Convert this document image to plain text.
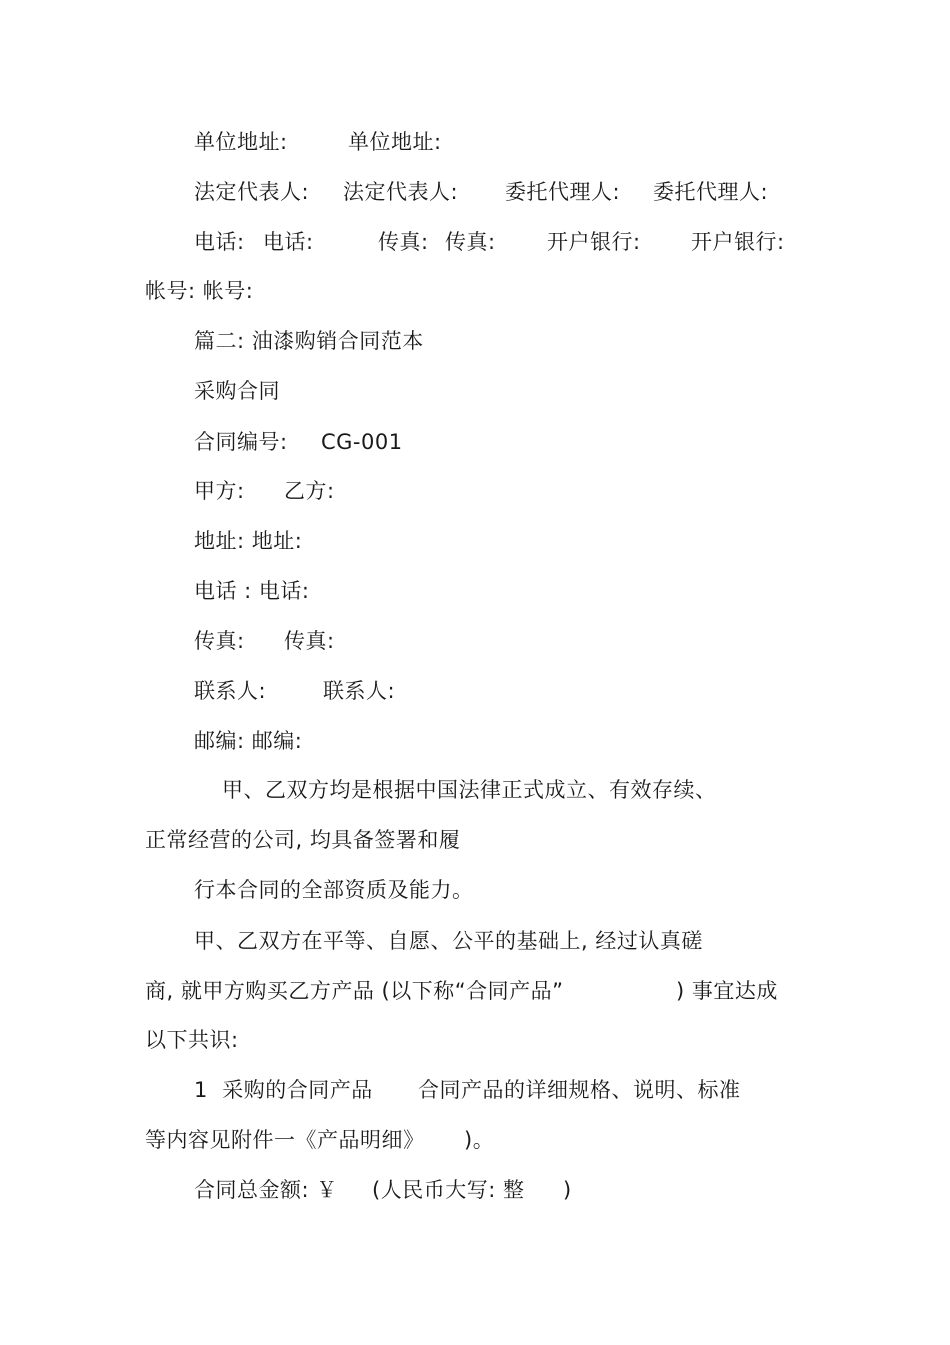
单位地址:	单位地址:
法定代表人: 法定代表人: 委托代理人: 委托代理人:
电话: 电话:	传真: 传真: 开户银行: 开户银行:
帐号: 帐号:
篇二: 油漆购销合同范本
采购合同
合同编号: CG-001
甲方: 乙方:
地址: 地址:
电话 : 电话:
传真: 传真:
联系人:	联系人:
邮编: 邮编:
甲、乙双方均是根据中国法律正式成立、有效存续、
正常经营的公司, 均具备签署和履
行本合同的全部资质及能力。
甲、乙双方在平等、自愿、公平的基础上, 经过认真磋
商, 就甲方购买乙方产品 (以下称“合同产品”	) 事宜达成
以下共识:
1  采购的合同产品 合同产品的详细规格、说明、标准
等内容见附件一《产品明细》 )。
合同总金额: ￥ (人民币大写: 整 )
